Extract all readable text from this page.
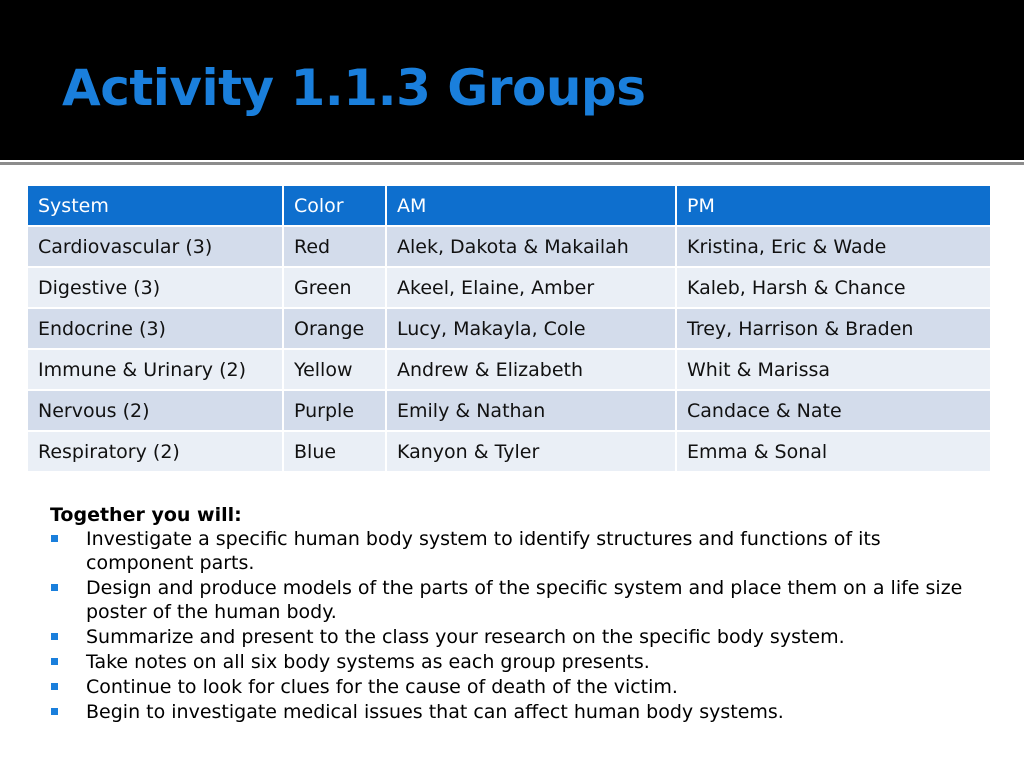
Activity 1.1.3 Groups
System	Color	AM	PM
Cardiovascular (3)	Red	Alek, Dakota & Makailah	Kristina, Eric & Wade
Digestive (3)	Green	Akeel, Elaine, Amber	Kaleb, Harsh & Chance
Endocrine (3)	Orange	Lucy, Makayla, Cole	Trey, Harrison & Braden
Immune & Urinary (2)	Yellow	Andrew & Elizabeth	Whit & Marissa
Nervous (2)	Purple	Emily & Nathan	Candace & Nate
Respiratory (2)	Blue	Kanyon & Tyler	Emma & Sonal
Together you will:
Investigate a specific human body system to identify structures and functions of its component parts.
Design and produce models of the parts of the specific system and place them on a life size poster of the human body.
Summarize and present to the class your research on the specific body system.
Take notes on all six body systems as each group presents.
Continue to look for clues for the cause of death of the victim.
Begin to investigate medical issues that can affect human body systems.
